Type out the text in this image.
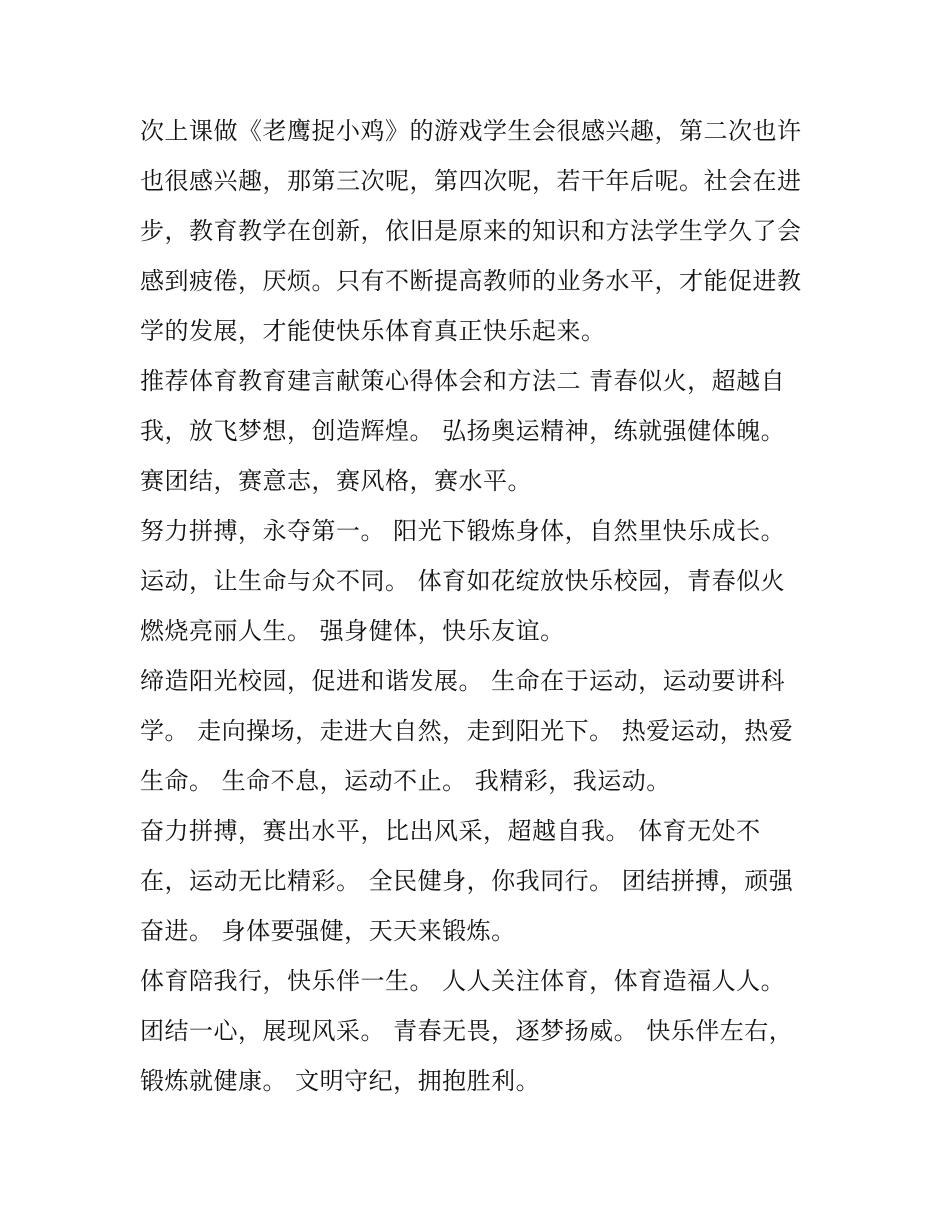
次上课做《老鹰捉小鸡》的游戏学生会很感兴趣，第二次也许
也很感兴趣，那第三次呢，第四次呢，若干年后呢。社会在进
步，教育教学在创新，依旧是原来的知识和方法学生学久了会
感到疲倦，厌烦。只有不断提高教师的业务水平，才能促进教
学的发展，才能使快乐体育真正快乐起来。
推荐体育教育建言献策心得体会和方法二 青春似火，超越自
我，放飞梦想，创造辉煌。 弘扬奥运精神，练就强健体魄。
赛团结，赛意志，赛风格，赛水平。
努力拼搏，永夺第一。 阳光下锻炼身体，自然里快乐成长。
运动，让生命与众不同。 体育如花绽放快乐校园，青春似火
燃烧亮丽人生。 强身健体，快乐友谊。
缔造阳光校园，促进和谐发展。 生命在于运动，运动要讲科
学。 走向操场，走进大自然，走到阳光下。 热爱运动，热爱
生命。 生命不息，运动不止。 我精彩，我运动。
奋力拼搏，赛出水平，比出风采，超越自我。 体育无处不
在，运动无比精彩。 全民健身，你我同行。 团结拼搏，顽强
奋进。 身体要强健，天天来锻炼。
体育陪我行，快乐伴一生。 人人关注体育，体育造福人人。
团结一心，展现风采。 青春无畏，逐梦扬威。 快乐伴左右，
锻炼就健康。 文明守纪，拥抱胜利。
